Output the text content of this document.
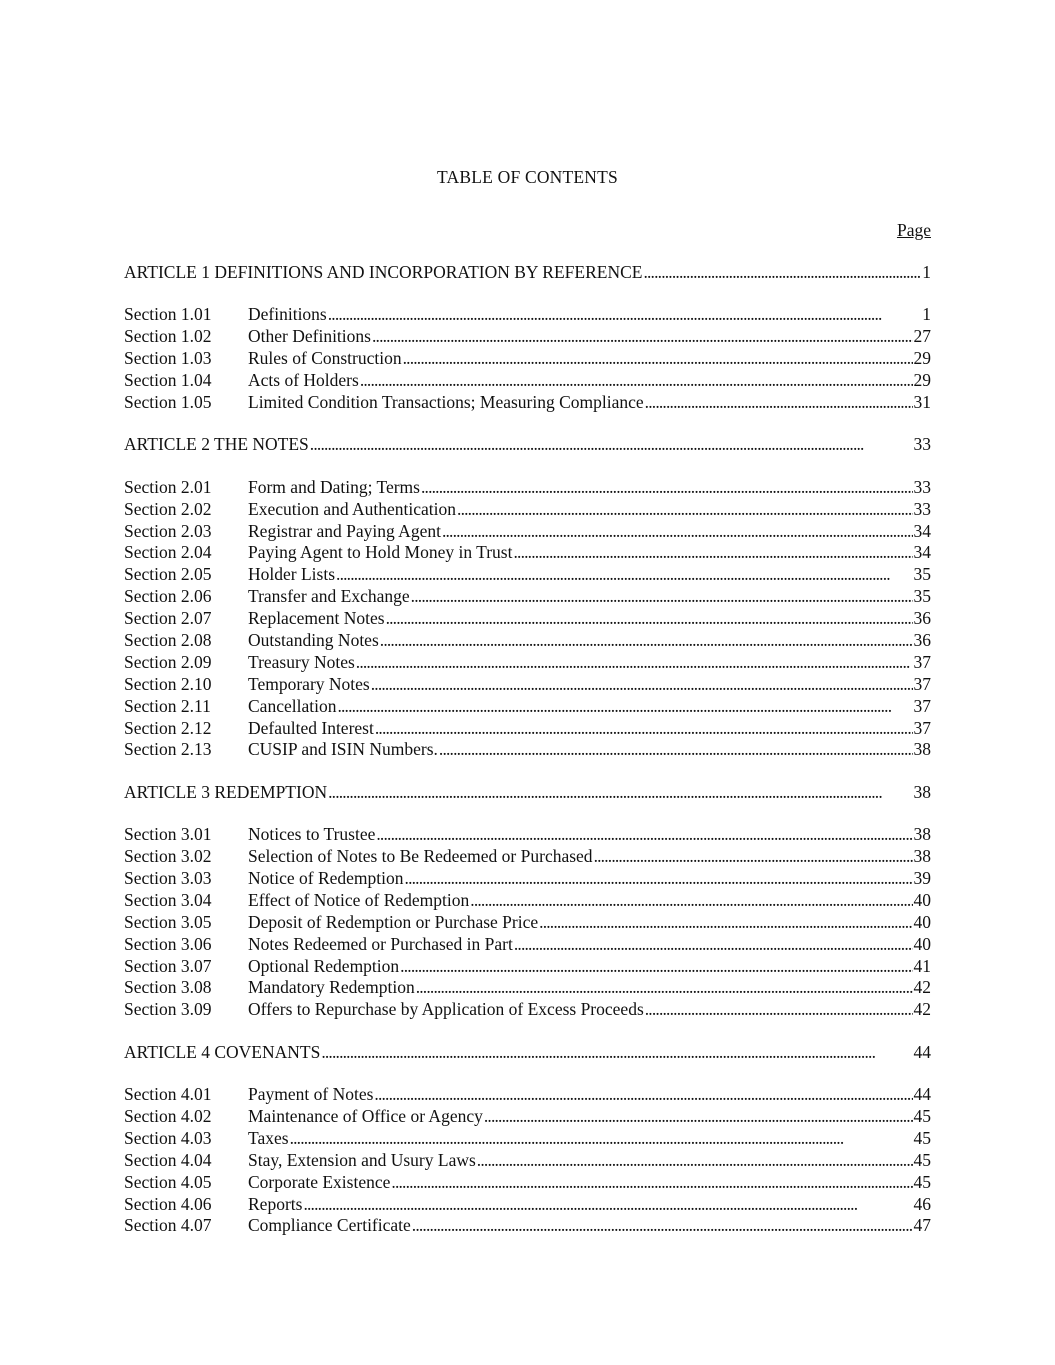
TABLE OF CONTENTS
Page
ARTICLE 1 DEFINITIONS AND INCORPORATION BY REFERENCE . . .	1
Section 1.01	Definitions . . .	1
Section 1.02	Other Definitions . . .	27
Section 1.03	Rules of Construction . . .	29
Section 1.04	Acts of Holders . . .	29
Section 1.05	Limited Condition Transactions; Measuring Compliance . . .	31
ARTICLE 2 THE NOTES . . .	33
Section 2.01	Form and Dating; Terms . . .	33
Section 2.02	Execution and Authentication . . .	33
Section 2.03	Registrar and Paying Agent . . .	34
Section 2.04	Paying Agent to Hold Money in Trust . . .	34
Section 2.05	Holder Lists . . .	35
Section 2.06	Transfer and Exchange . . .	35
Section 2.07	Replacement Notes . . .	36
Section 2.08	Outstanding Notes . . .	36
Section 2.09	Treasury Notes . . .	37
Section 2.10	Temporary Notes . . .	37
Section 2.11	Cancellation . . .	37
Section 2.12	Defaulted Interest . . .	37
Section 2.13	CUSIP and ISIN Numbers. . . .	38
ARTICLE 3 REDEMPTION . . .	38
Section 3.01	Notices to Trustee . . .	38
Section 3.02	Selection of Notes to Be Redeemed or Purchased . . .	38
Section 3.03	Notice of Redemption . . .	39
Section 3.04	Effect of Notice of Redemption . . .	40
Section 3.05	Deposit of Redemption or Purchase Price . . .	40
Section 3.06	Notes Redeemed or Purchased in Part . . .	40
Section 3.07	Optional Redemption . . .	41
Section 3.08	Mandatory Redemption . . .	42
Section 3.09	Offers to Repurchase by Application of Excess Proceeds . . .	42
ARTICLE 4 COVENANTS . . .	44
Section 4.01	Payment of Notes . . .	44
Section 4.02	Maintenance of Office or Agency . . .	45
Section 4.03	Taxes . . .	45
Section 4.04	Stay, Extension and Usury Laws . . .	45
Section 4.05	Corporate Existence . . .	45
Section 4.06	Reports . . .	46
Section 4.07	Compliance Certificate . . .	47
